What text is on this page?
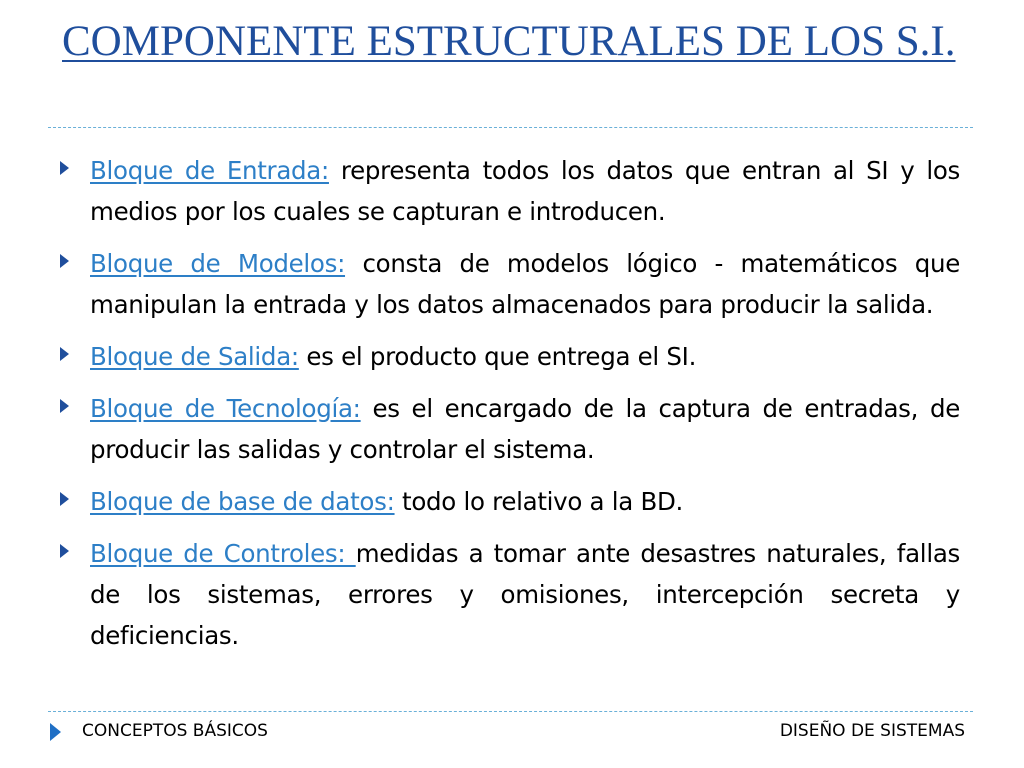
COMPONENTE ESTRUCTURALES DE LOS S.I.
Bloque de Entrada: representa todos los datos que entran al SI y los medios por los cuales se capturan e introducen.
Bloque de Modelos: consta de modelos lógico - matemáticos que manipulan la entrada y los datos almacenados para producir la salida.
Bloque de Salida: es el producto que entrega el SI.
Bloque de Tecnología: es el encargado de la captura de entradas, de producir las salidas y controlar el sistema.
Bloque de base de datos: todo lo relativo a la BD.
Bloque de Controles: medidas a tomar ante desastres naturales, fallas de los sistemas, errores y omisiones, intercepción secreta y deficiencias.
CONCEPTOS BÁSICOS	DISEÑO DE SISTEMAS
